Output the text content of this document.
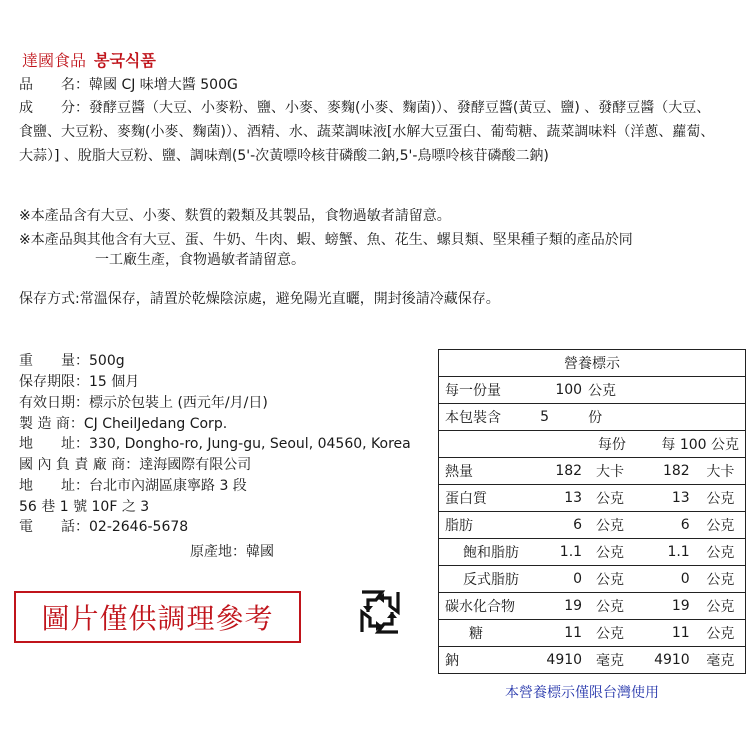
達國食品 봉국식품
品　　名：韓國 CJ 味增大醬 500G
成　　分：發酵豆醬（大豆、小麥粉、鹽、小麥、麥麴(小麥、麴菌)）、發酵豆醬(黃豆、鹽) 、發酵豆醬（大豆、食鹽、大豆粉、麥麴(小麥、麴菌)）、酒精、水、蔬菜調味液[水解大豆蛋白、葡萄糖、蔬菜調味料（洋蔥、蘿蔔、大蒜）] 、脫脂大豆粉、鹽、調味劑(5'-次黃嘌呤核苷磷酸二鈉,5'-鳥嘌呤核苷磷酸二鈉)
※本產品含有大豆、小麥、麩質的穀類及其製品，食物過敏者請留意。
※本產品與其他含有大豆、蛋、牛奶、牛肉、蝦、螃蟹、魚、花生、螺貝類、堅果種子類的產品於同
一工廠生產，食物過敏者請留意。
保存方式:常溫保存，請置於乾燥陰涼處，避免陽光直曬，開封後請冷藏保存。
重　　量：500g
保存期限：15 個月
有效日期：標示於包裝上 (西元年/月/日)
製 造 商：CJ CheilJedang Corp.
地　　址：330, Dongho-ro, Jung-gu, Seoul, 04560, Korea
國 內 負 責 廠 商：達海國際有限公司
地　　址：台北市內湖區康寧路 3 段
56 巷 1 號 10F 之 3
電　　話：02-2646-5678
原產地：韓國
圖片僅供調理參考
營養標示				
每一份量	100	公克		
本包裝含	5	份		
	每份		每 100 公克	
熱量	182	大卡	182	大卡
蛋白質	13	公克	13	公克
脂肪	6	公克	6	公克
飽和脂肪	1.1	公克	1.1	公克
反式脂肪	0	公克	0	公克
碳水化合物	19	公克	19	公克
糖	11	公克	11	公克
鈉	4910	毫克	4910	毫克
本營養標示僅限台灣使用
